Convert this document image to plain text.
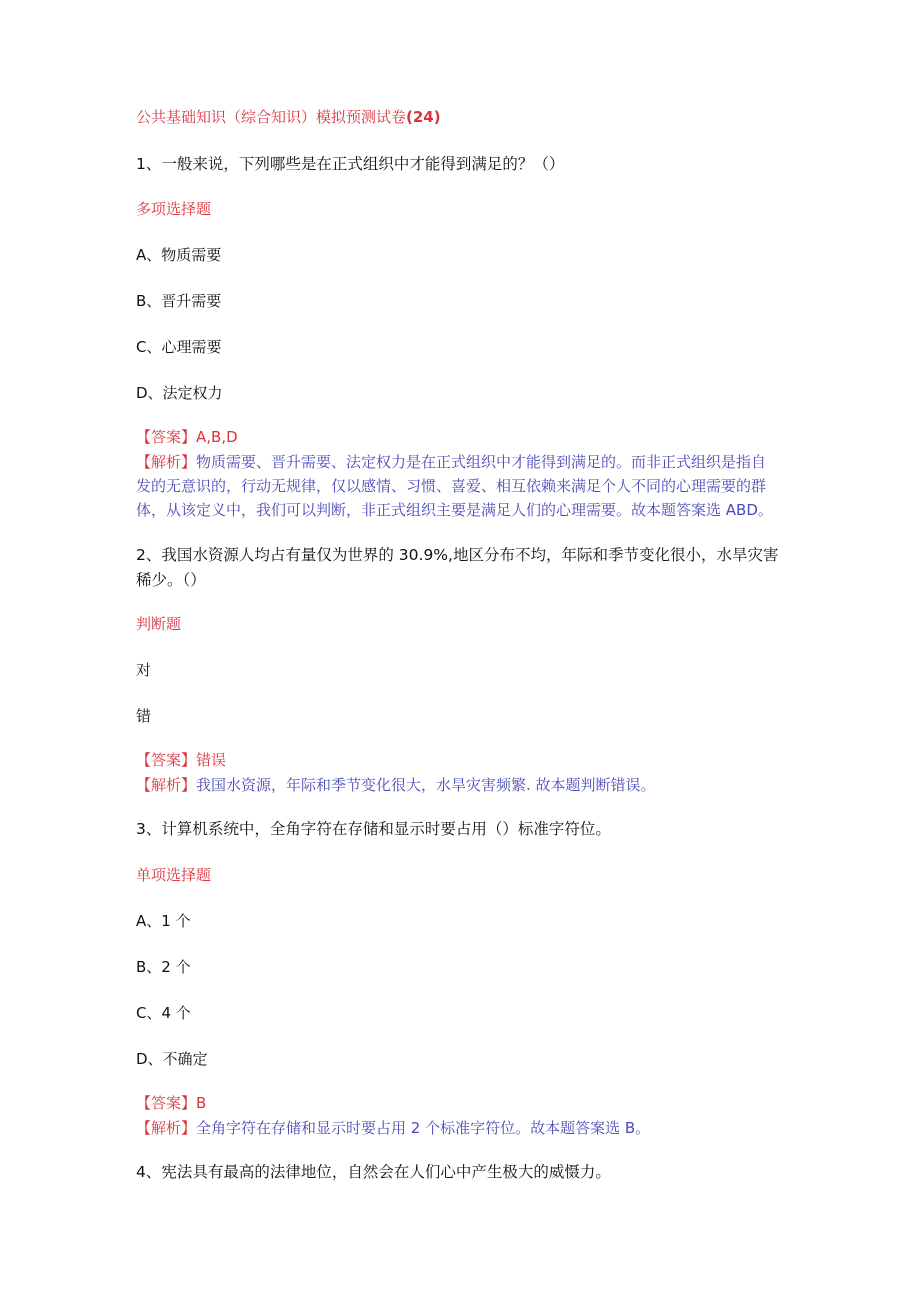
公共基础知识（综合知识）模拟预测试卷(24)
1、一般来说，下列哪些是在正式组织中才能得到满足的？（）
多项选择题
A、物质需要
B、晋升需要
C、心理需要
D、法定权力
【答案】A,B,D
【解析】物质需要、晋升需要、法定权力是在正式组织中才能得到满足的。而非正式组织是指自
发的无意识的，行动无规律，仅以感情、习惯、喜爱、相互依赖来满足个人不同的心理需要的群
体，从该定义中，我们可以判断，非正式组织主要是满足人们的心理需要。故本题答案选 ABD。
2、我国水资源人均占有量仅为世界的 30.9%,地区分布不均，年际和季节变化很小，水旱灾害
稀少。（）
判断题
对
错
【答案】错误
【解析】我国水资源，年际和季节变化很大，水旱灾害频繁. 故本题判断错误。
3、计算机系统中，全角字符在存储和显示时要占用（）标准字符位。
单项选择题
A、1 个
B、2 个
C、4 个
D、不确定
【答案】B
【解析】全角字符在存储和显示时要占用 2 个标准字符位。故本题答案选 B。
4、宪法具有最高的法律地位，自然会在人们心中产生极大的威慑力。
